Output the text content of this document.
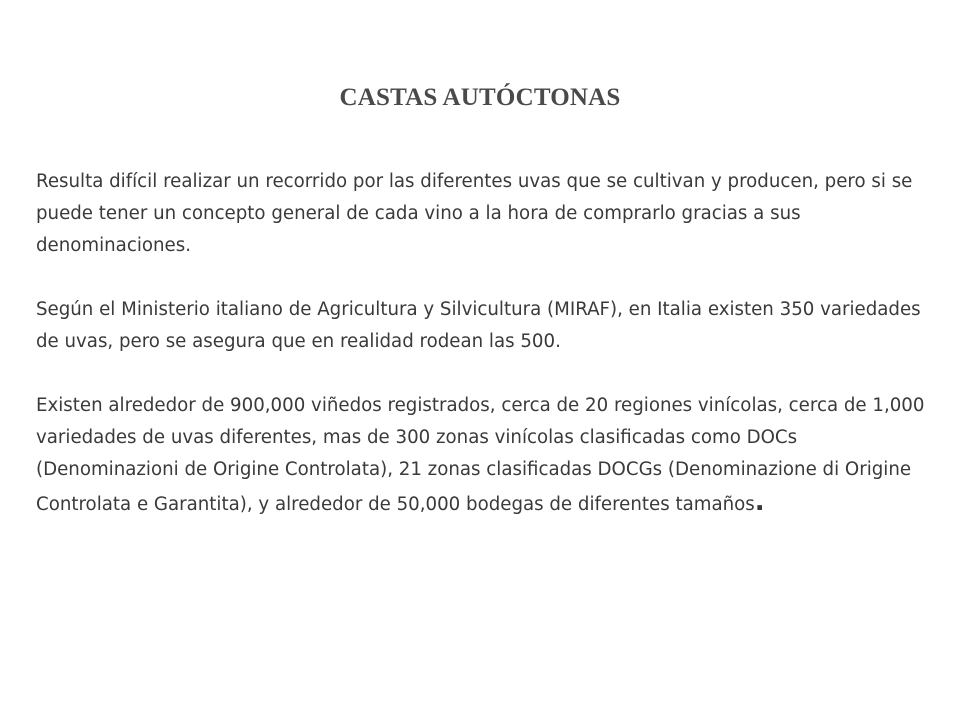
CASTAS AUTÓCTONAS

Resulta difícil realizar un recorrido por las diferentes uvas que se cultivan y producen, pero si se puede tener un concepto general de cada vino a la hora de comprarlo gracias a sus denominaciones.

Según el Ministerio italiano de Agricultura y Silvicultura (MIRAF), en Italia existen 350 variedades de uvas, pero se asegura que en realidad rodean las 500.

Existen alrededor de 900,000 viñedos registrados, cerca de 20 regiones vinícolas, cerca de 1,000 variedades de uvas diferentes, mas de 300 zonas vinícolas clasificadas como DOCs (Denominazioni de Origine Controlata), 21 zonas clasificadas DOCGs (Denominazione di Origine Controlata e Garantita), y alrededor de 50,000 bodegas de diferentes tamaños.
